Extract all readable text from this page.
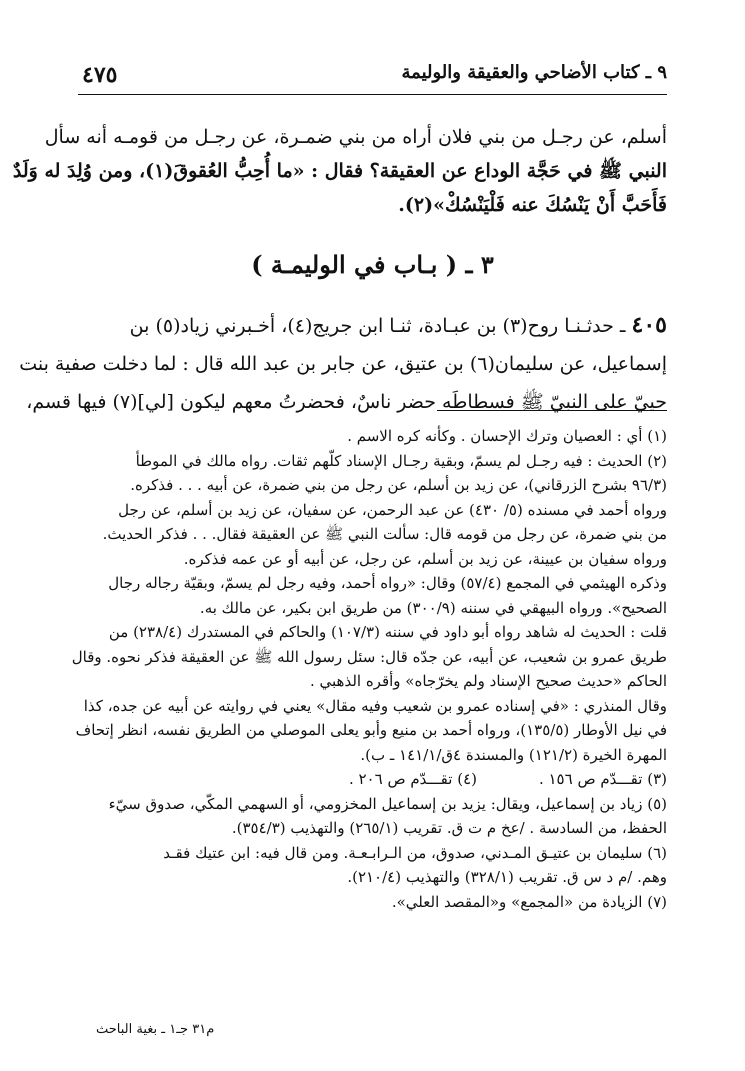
٤٧٥	٩ ـ كتاب الأضاحي والعقيقة والوليمة
أسلم، عن رجـل من بني فلان أراه من بني ضمـرة، عن رجـل من قومـه أنه سأل
النبي ﷺ في حَجَّة الوداع عن العقيقة؟ فقال : «ما أُحِبُّ العُقوقَ(١)، ومن وُلِدَ له وَلَدٌ
فَأَحَبَّ أَنْ يَنْسُكَ عنه فَلْيَنْسُكْ»(٢).
٣ ـ ( بـاب في الوليمـة )
٤٠٥ ـ حدثـنـا روح(٣) بن عبـادة، ثنـا ابن جريج(٤)، أخـبرني زياد(٥) بن
إسماعيل، عن سليمان(٦) بن عتيق، عن جابر بن عبد الله قال : لما دخلت صفية بنت
حييّ على النبيّ ﷺ فسطاطَه حضر ناسٌ، فحضرتُ معهم ليكون [لي](٧) فيها قسم،
(١) أي : العصيان وترك الإحسان . وكأنه كره الاسم .
(٢) الحديث : فيه رجـل لم يسمّ، وبقية رجـال الإسناد كلّهم ثقات. رواه مالك في الموطأ
(٩٦/٣ بشرح الزرقاني)، عن زيد بن أسلم، عن رجل من بني ضمرة، عن أبيه . . . فذكره.
ورواه أحمد في مسنده (٥/ ٤٣٠) عن عبد الرحمن، عن سفيان، عن زيد بن أسلم، عن رجل
من بني ضمرة، عن رجل من قومه قال: سألت النبي ﷺ عن العقيقة فقال. . . فذكر الحديث.
ورواه سفيان بن عيينة، عن زيد بن أسلم، عن رجل، عن أبيه أو عن عمه فذكره.
وذكره الهيثمي في المجمع (٥٧/٤) وقال: «رواه أحمد، وفيه رجل لم يسمّ، وبقيّة رجاله رجال
الصحيح». ورواه البيهقي في سننه (٣٠٠/٩) من طريق ابن بكير، عن مالك به.
قلت : الحديث له شاهد رواه أبو داود في سننه (١٠٧/٣) والحاكم في المستدرك (٢٣٨/٤) من
طريق عمرو بن شعيب، عن أبيه، عن جدّه قال: سئل رسول الله ﷺ عن العقيقة فذكر نحوه. وقال
الحاكم «حديث صحيح الإسناد ولم يخرّجاه» وأقره الذهبي .
وقال المنذري : «في إسناده عمرو بن شعيب وفيه مقال» يعني في روايته عن أبيه عن جده، كذا
في نيل الأوطار (١٣٥/٥)، ورواه أحمد بن منيع وأبو يعلى الموصلي من الطريق نفسه، انظر إتحاف
المهرة الخيرة (١٢١/٢) والمسندة ٤ق/١٤١/١ ـ ب).
(٣) تقـــدّم ص ١٥٦ .
(٤) تقـــدّم ص ٢٠٦ .
(٥) زياد بن إسماعيل، ويقال: يزيد بن إسماعيل المخزومي، أو السهمي المكّي، صدوق سيّء
الحفظ، من السادسة . /عخ م ت ق. تقريب (٢٦٥/١) والتهذيب (٣٥٤/٣).
(٦) سليمان بن عتيـق المـدني، صدوق، من الـرابـعـة. ومن قال فيه: ابن عتيك فقـد
وهم. /م د س ق. تقريب (٣٢٨/١) والتهذيب (٢١٠/٤).
(٧) الزيادة من «المجمع» و«المقصد العلي».
م٣١ جـ١ ـ بغية الباحث
